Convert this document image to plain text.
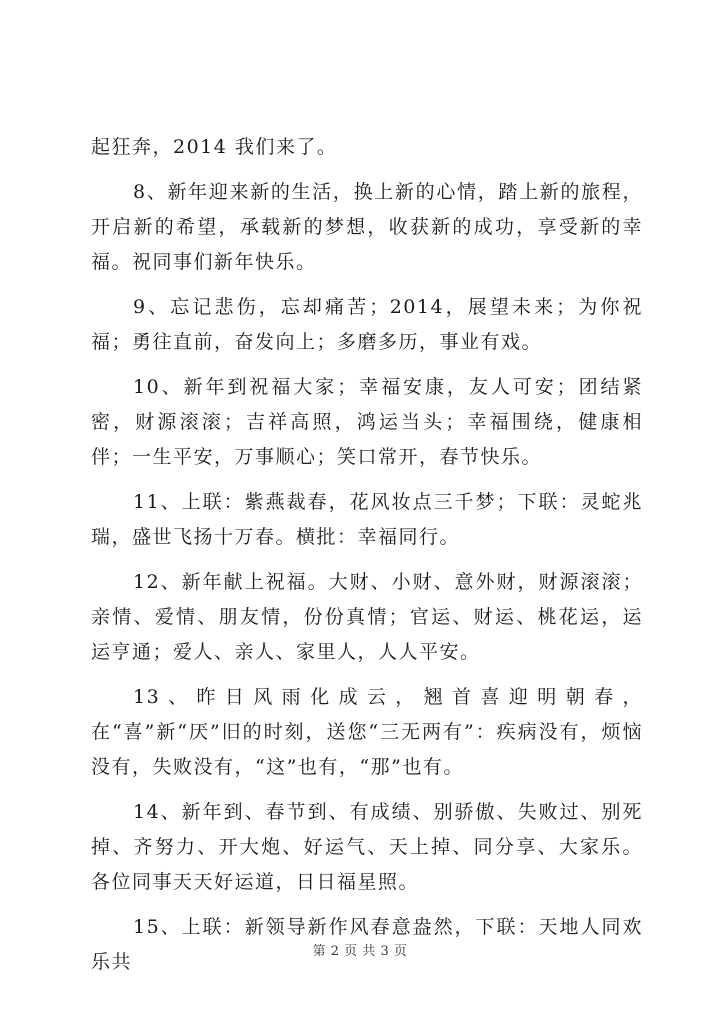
起狂奔，2014 我们来了。

8、新年迎来新的生活，换上新的心情，踏上新的旅程，开启新的希望，承载新的梦想，收获新的成功，享受新的幸福。祝同事们新年快乐。

9、忘记悲伤，忘却痛苦；2014，展望未来；为你祝福；勇往直前，奋发向上；多磨多历，事业有戏。

10、新年到祝福大家；幸福安康，友人可安；团结紧密，财源滚滚；吉祥高照，鸿运当头；幸福围绕，健康相伴；一生平安，万事顺心；笑口常开，春节快乐。

11、上联：紫燕裁春，花风妆点三千梦；下联：灵蛇兆瑞，盛世飞扬十万春。横批：幸福同行。

12、新年献上祝福。大财、小财、意外财，财源滚滚；亲情、爱情、朋友情，份份真情；官运、财运、桃花运，运运亨通；爱人、亲人、家里人，人人平安。

13、昨日风雨化成云，翘首喜迎明朝春，在“喜”新“厌”旧的时刻，送您“三无两有”：疾病没有，烦恼没有，失败没有，“这”也有，“那”也有。

14、新年到、春节到、有成绩、别骄傲、失败过、别死掉、齐努力、开大炮、好运气、天上掉、同分享、大家乐。各位同事天天好运道，日日福星照。

15、上联：新领导新作风春意盎然，下联：天地人同欢乐共	第 2 页 共 3 页
